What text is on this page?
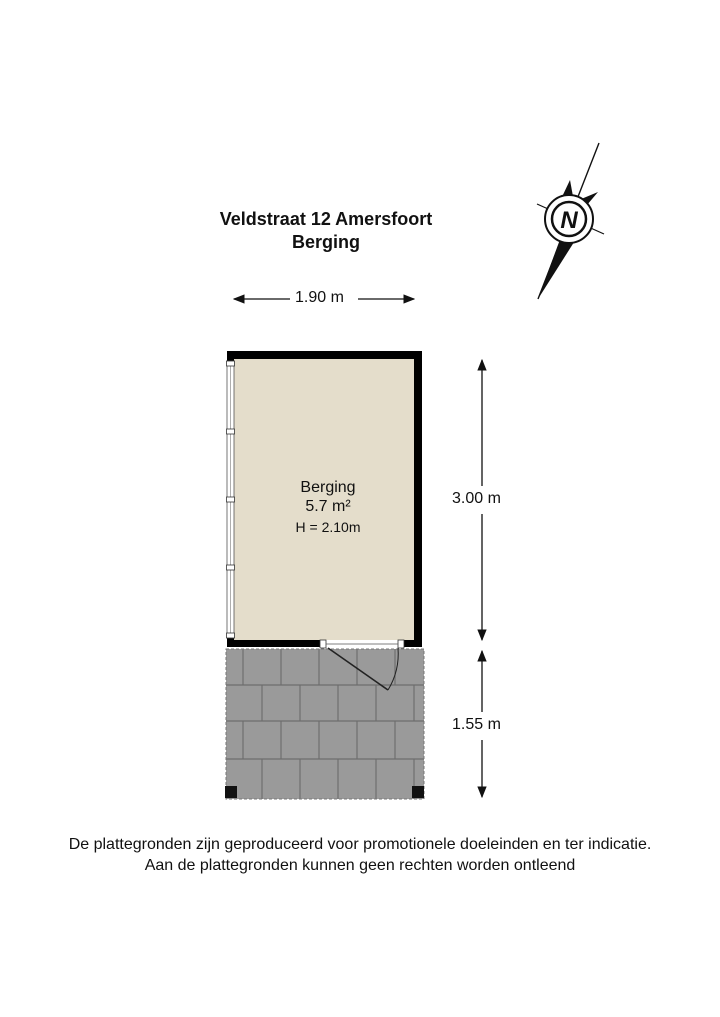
Veldstraat 12 Amersfoort
Berging
N
1.90 m
3.00 m
1.55 m
Berging
5.7 m²
H = 2.10m
De plattegronden zijn geproduceerd voor promotionele doeleinden en ter indicatie.
Aan de plattegronden kunnen geen rechten worden ontleend
